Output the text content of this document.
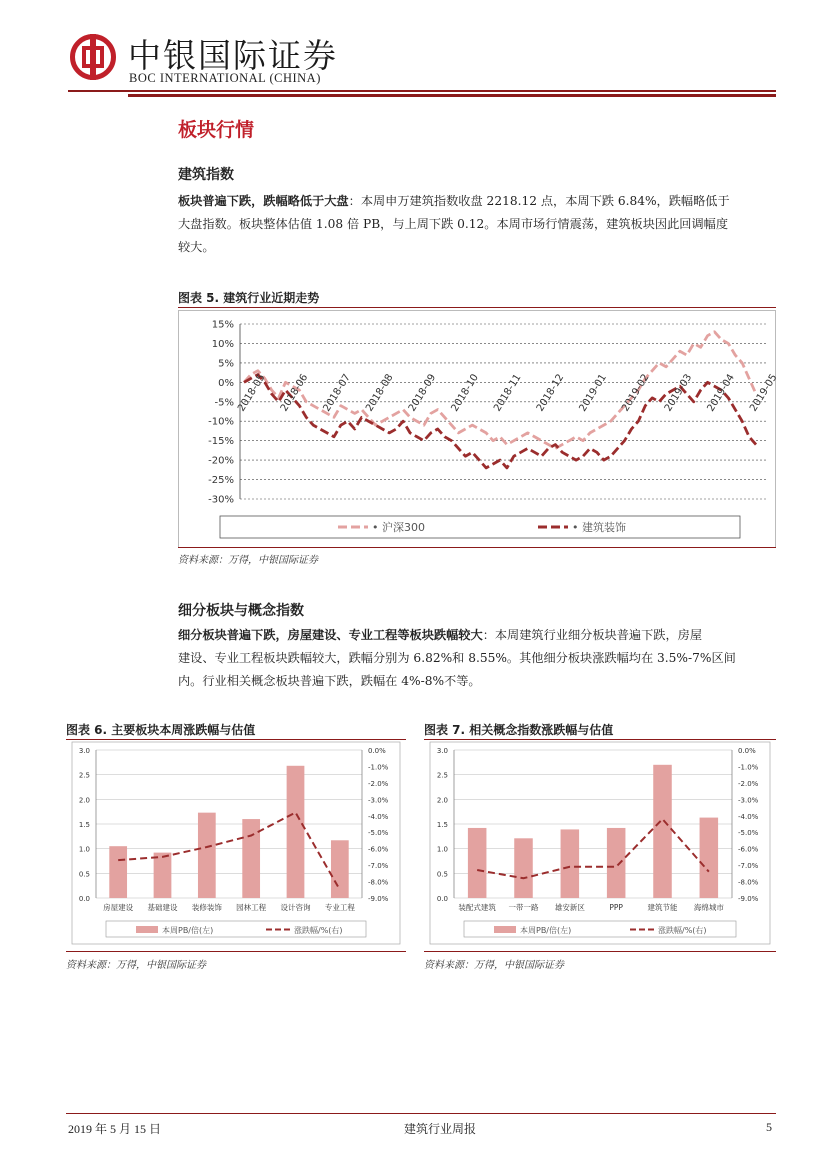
中银国际证券
BOC INTERNATIONAL (CHINA)
板块行情
建筑指数
板块普遍下跌，跌幅略低于大盘：本周申万建筑指数收盘 2218.12 点，本周下跌 6.84%，跌幅略低于
大盘指数。板块整体估值 1.08 倍 PB，与上周下跌 0.12。本周市场行情震荡，建筑板块因此回调幅度
较大。
图表 5. 建筑行业近期走势
15%
10%
5%
0%
-5%
-10%
-15%
-20%
-25%
-30%
2018-05 2018-06 2018-07 2018-08 2018-09 2018-10 2018-11 2018-12 2019-01 2019-02 2019-03 2019-04 2019-05
• 沪深300	• 建筑装饰
资料来源：万得，中银国际证券
细分板块与概念指数
细分板块普遍下跌，房屋建设、专业工程等板块跌幅较大：本周建筑行业细分板块普遍下跌，房屋
建设、专业工程板块跌幅较大，跌幅分别为 6.82%和 8.55%。其他细分板块涨跌幅均在 3.5%-7%区间
内。行业相关概念板块普遍下跌，跌幅在 4%-8%不等。
图表 6. 主要板块本周涨跌幅与估值
3.0
2.5
2.0
1.5
1.0
0.5
0.0
0.0%
-1.0%
-2.0%
-3.0%
-4.0%
-5.0%
-6.0%
-7.0%
-8.0%
-9.0%
房屋建设 基础建设 装修装饰 园林工程 设计咨询 专业工程
本周PB/倍(左)	涨跌幅/%(右)
资料来源：万得，中银国际证券
图表 7. 相关概念指数涨跌幅与估值
3.0
2.5
2.0
1.5
1.0
0.5
0.0
0.0%
-1.0%
-2.0%
-3.0%
-4.0%
-5.0%
-6.0%
-7.0%
-8.0%
-9.0%
装配式建筑 一带一路 雄安新区	PPP	建筑节能 海绵城市
本周PB/倍(左)	涨跌幅/%(右)
资料来源：万得，中银国际证券
2019 年 5 月 15 日	建筑行业周报	5
